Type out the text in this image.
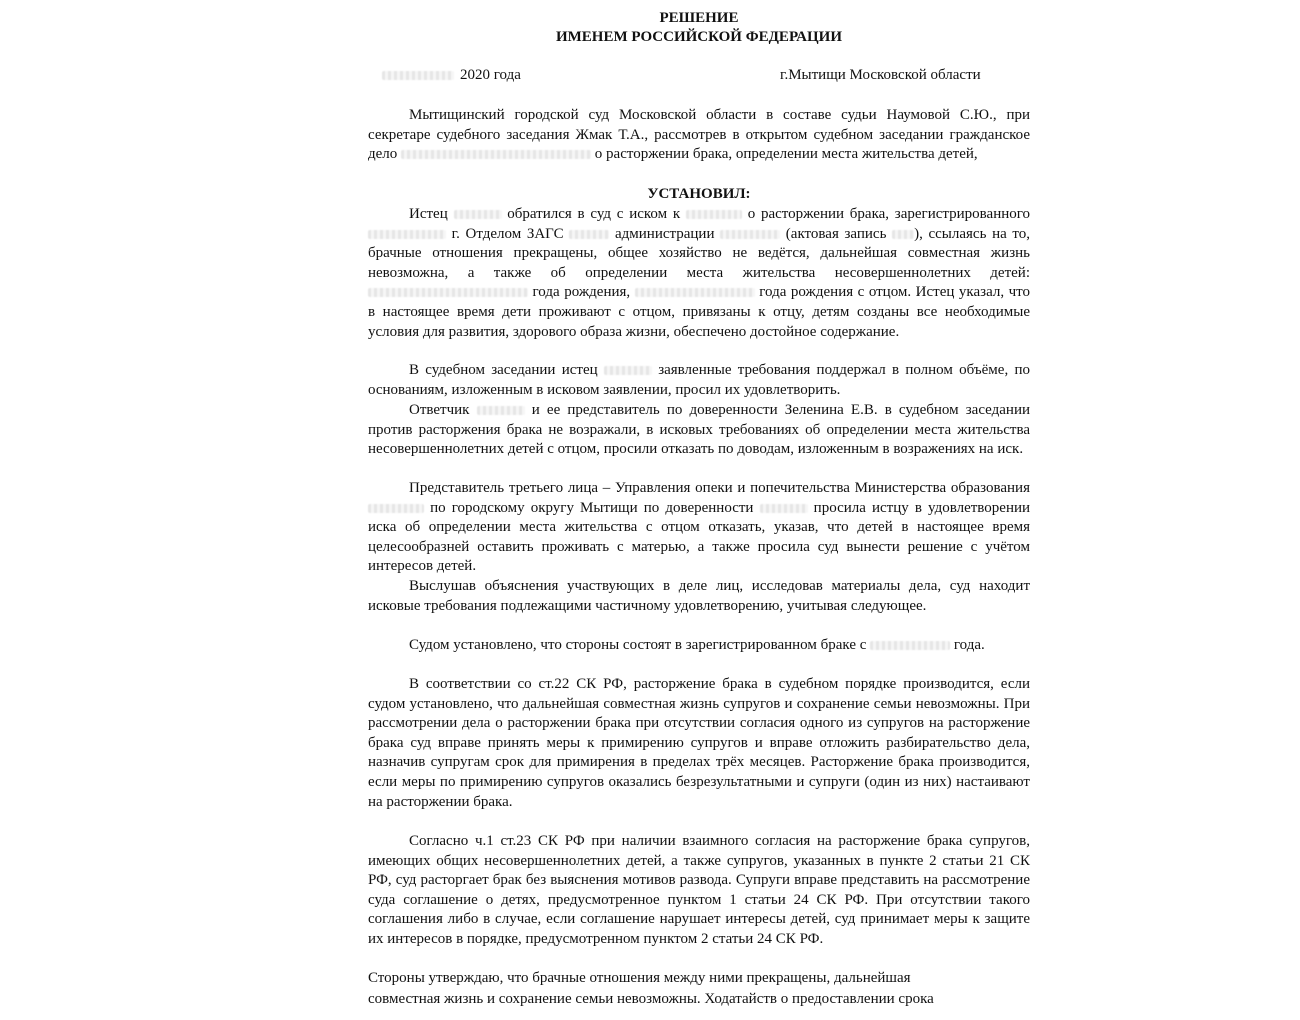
РЕШЕНИЕ
ИМЕНЕМ РОССИЙСКОЙ ФЕДЕРАЦИИ
2020 года	г.Мытищи Московской области

Мытищинский городской суд Московской области в составе судьи Наумовой С.Ю., при секретаре судебного заседания Жмак Т.А., рассмотрев в открытом судебном заседании гражданское дело	о расторжении брака, определении места жительства детей,

УСТАНОВИЛ:

Истец	обратился в суд с иском к	о расторжении брака, зарегистрированного  г. Отделом ЗАГС	администрации	(актовая запись ), ссылаясь на то, брачные отношения прекращены, общее хозяйство не ведётся, дальнейшая совместная жизнь невозможна, а также об определении места жительства несовершеннолетних детей:  года рождения,	года рождения с отцом. Истец указал, что в настоящее время дети проживают с отцом, привязаны к отцу, детям созданы все необходимые условия для развития, здорового образа жизни, обеспечено достойное содержание.

В судебном заседании истец	заявленные требования поддержал в полном объёме, по основаниям, изложенным в исковом заявлении, просил их удовлетворить.

Ответчик	и ее представитель по доверенности Зеленина Е.В. в судебном заседании против расторжения брака не возражали, в исковых требованиях об определении места жительства несовершеннолетних детей с отцом, просили отказать по доводам, изложенным в возражениях на иск.

Представитель третьего лица – Управления опеки и попечительства Министерства образования  по городскому округу Мытищи по доверенности	просила истцу в удовлетворении иска об определении места жительства с отцом отказать, указав, что детей в настоящее время целесообразней оставить проживать с матерью, а также просила суд вынести решение с учётом интересов детей.

Выслушав объяснения участвующих в деле лиц, исследовав материалы дела, суд находит исковые требования подлежащими частичному удовлетворению, учитывая следующее.

Судом установлено, что стороны состоят в зарегистрированном браке с	года.

В соответствии со ст.22 СК РФ, расторжение брака в судебном порядке производится, если судом установлено, что дальнейшая совместная жизнь супругов и сохранение семьи невозможны. При рассмотрении дела о расторжении брака при отсутствии согласия одного из супругов на расторжение брака суд вправе принять меры к примирению супругов и вправе отложить разбирательство дела, назначив супругам срок для примирения в пределах трёх месяцев. Расторжение брака производится, если меры по примирению супругов оказались безрезультатными и супруги (один из них) настаивают на расторжении брака.

Согласно ч.1 ст.23 СК РФ при наличии взаимного согласия на расторжение брака супругов, имеющих общих несовершеннолетних детей, а также супругов, указанных в пункте 2 статьи 21 СК РФ, суд расторгает брак без выяснения мотивов развода. Супруги вправе представить на рассмотрение суда соглашение о детях, предусмотренное пунктом 1 статьи 24 СК РФ. При отсутствии такого соглашения либо в случае, если соглашение нарушает интересы детей, суд принимает меры к защите их интересов в порядке, предусмотренном пунктом 2 статьи 24 СК РФ.

Стороны утверждаю, что брачные отношения между ними прекращены, дальнейшая
совместная жизнь и сохранение семьи невозможны. Ходатайств о предоставлении срока
